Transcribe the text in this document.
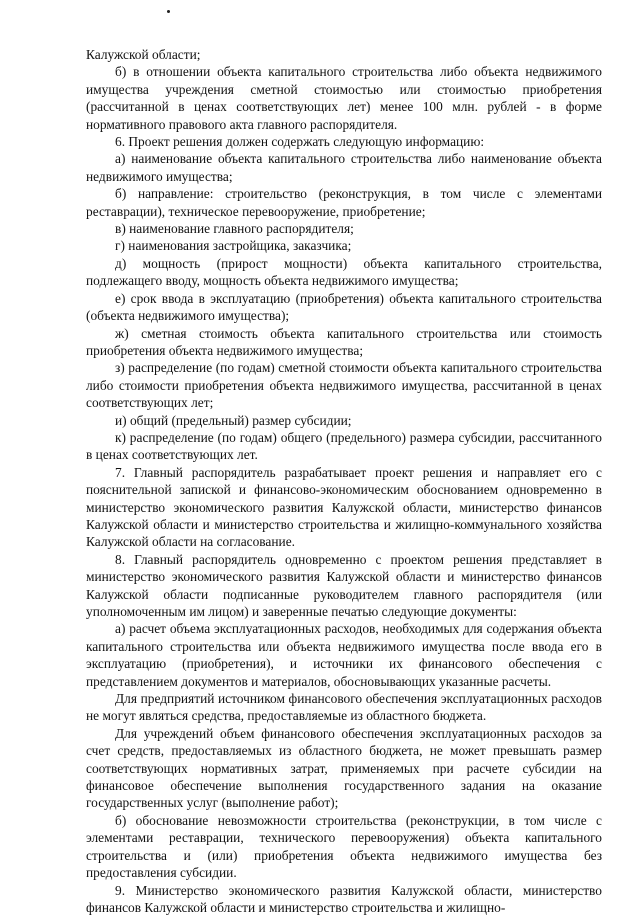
Калужской области;

б) в отношении объекта капитального строительства либо объекта недвижимого имущества учреждения сметной стоимостью или стоимостью приобретения (рассчитанной в ценах соответствующих лет) менее 100 млн. рублей - в форме нормативного правового акта главного распорядителя.

6. Проект решения должен содержать следующую информацию:

а) наименование объекта капитального строительства либо наименование объекта недвижимого имущества;

б) направление: строительство (реконструкция, в том числе с элементами реставрации), техническое перевооружение, приобретение;

в) наименование главного распорядителя;

г) наименования застройщика, заказчика;

д) мощность (прирост мощности) объекта капитального строительства, подлежащего вводу, мощность объекта недвижимого имущества;

е) срок ввода в эксплуатацию (приобретения) объекта капитального строительства (объекта недвижимого имущества);

ж) сметная стоимость объекта капитального строительства или стоимость приобретения объекта недвижимого имущества;

з) распределение (по годам) сметной стоимости объекта капитального строительства либо стоимости приобретения объекта недвижимого имущества, рассчитанной в ценах соответствующих лет;

и) общий (предельный) размер субсидии;

к) распределение (по годам) общего (предельного) размера субсидии, рассчитанного в ценах соответствующих лет.

7. Главный распорядитель разрабатывает проект решения и направляет его с пояснительной запиской и финансово-экономическим обоснованием одновременно в министерство экономического развития Калужской области, министерство финансов Калужской области и министерство строительства и жилищно-коммунального хозяйства Калужской области на согласование.

8. Главный распорядитель одновременно с проектом решения представляет в министерство экономического развития Калужской области и министерство финансов Калужской области подписанные руководителем главного распорядителя (или уполномоченным им лицом) и заверенные печатью следующие документы:

а) расчет объема эксплуатационных расходов, необходимых для содержания объекта капитального строительства или объекта недвижимого имущества после ввода его в эксплуатацию (приобретения), и источники их финансового обеспечения с представлением документов и материалов, обосновывающих указанные расчеты.

Для предприятий источником финансового обеспечения эксплуатационных расходов не могут являться средства, предоставляемые из областного бюджета.

Для учреждений объем финансового обеспечения эксплуатационных расходов за счет средств, предоставляемых из областного бюджета, не может превышать размер соответствующих нормативных затрат, применяемых при расчете субсидии на финансовое обеспечение выполнения государственного задания на оказание государственных услуг (выполнение работ);

б) обоснование невозможности строительства (реконструкции, в том числе с элементами реставрации, технического перевооружения) объекта капитального строительства и (или) приобретения объекта недвижимого имущества без предоставления субсидии.

9. Министерство экономического развития Калужской области, министерство финансов Калужской области и министерство строительства и жилищно-
